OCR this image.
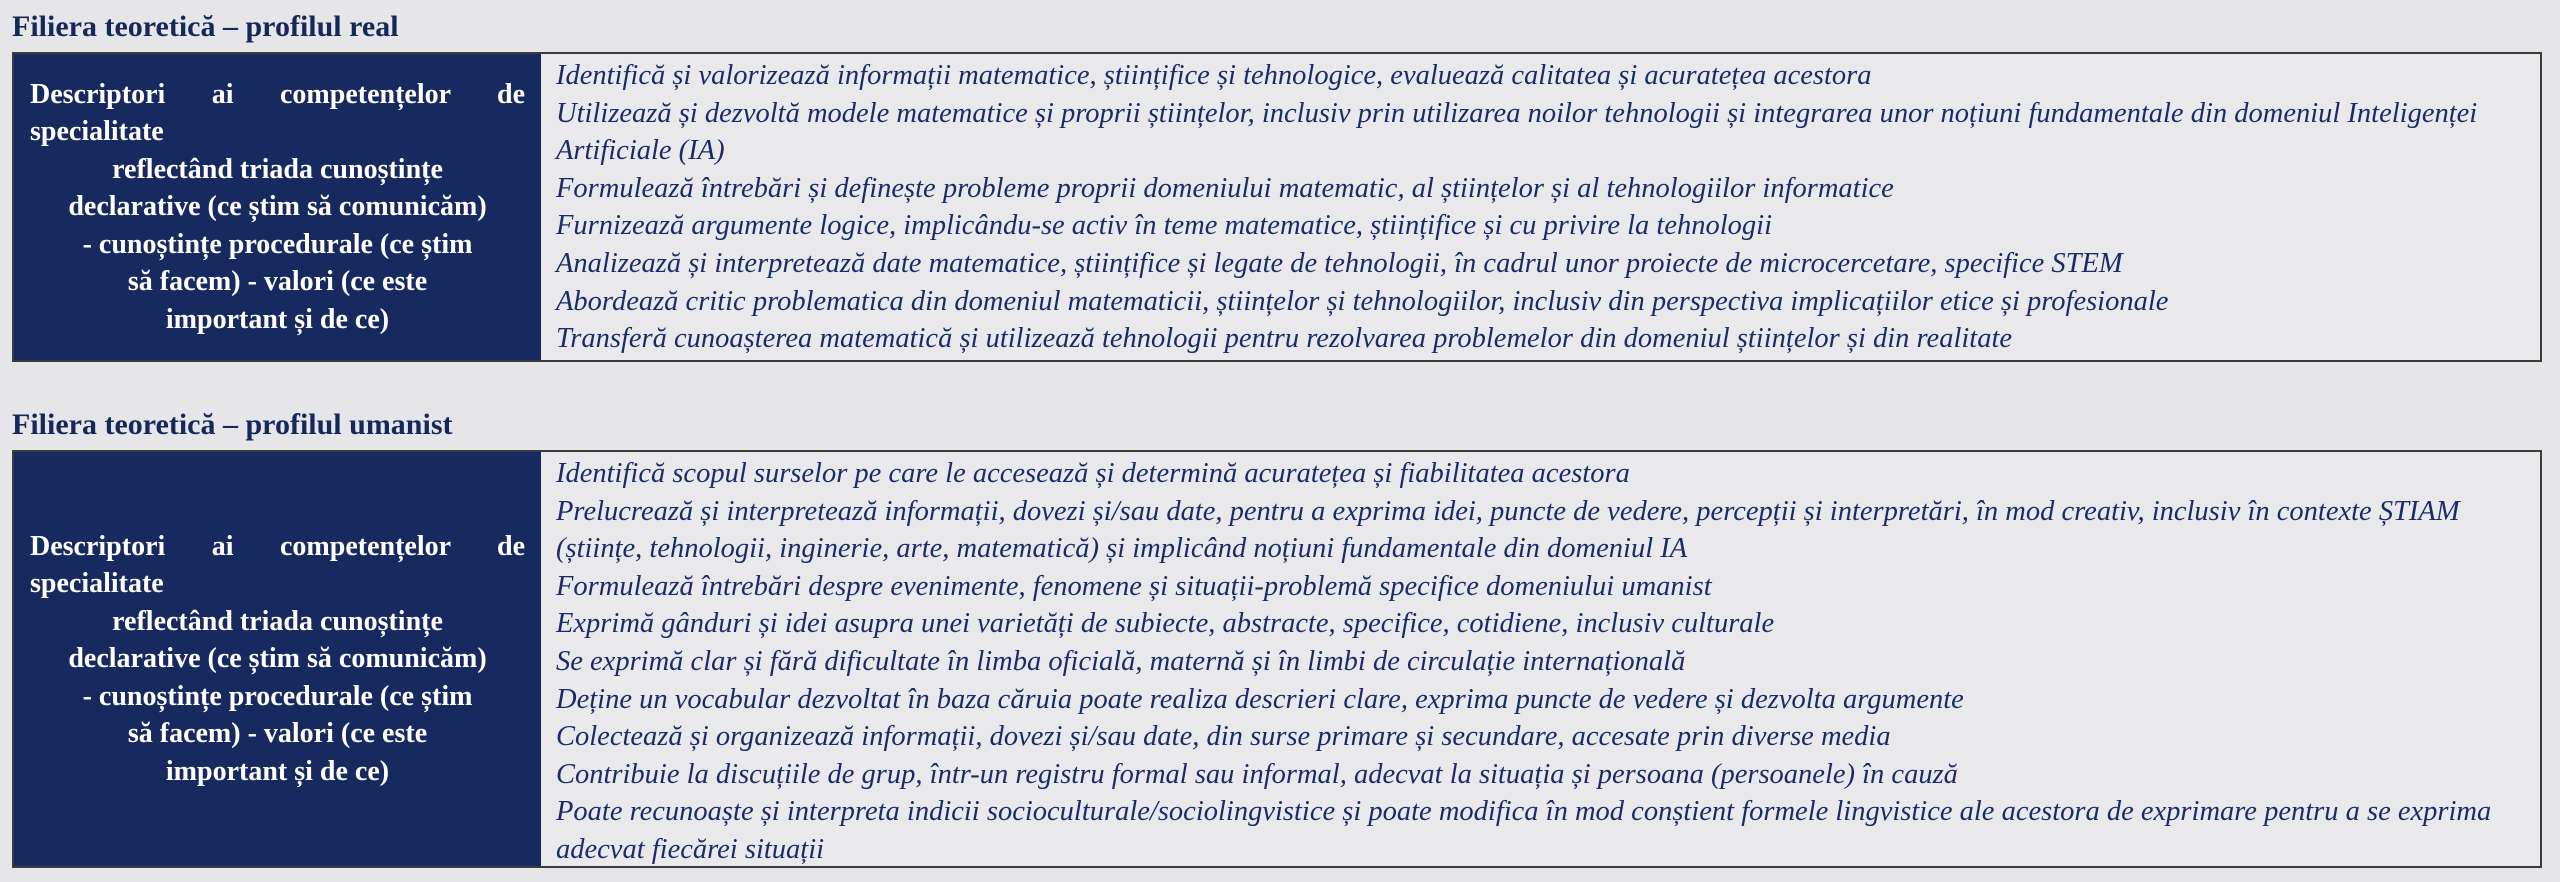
Filiera teoretică – profilul real
Descriptori ai competențelor de
specialitate
reflectând triada cunoștințe
declarative (ce știm să comunicăm)
- cunoștințe procedurale (ce știm
să facem) - valori (ce este
important și de ce)

Identifică și valorizează informații matematice, științifice și tehnologice, evaluează calitatea și acuratețea acestora

Utilizează și dezvoltă modele matematice și proprii științelor, inclusiv prin utilizarea noilor tehnologii și integrarea unor noțiuni fundamentale din domeniul Inteligenței Artificiale (IA)

Formulează întrebări și definește probleme proprii domeniului matematic, al științelor și al tehnologiilor informatice

Furnizează argumente logice, implicându-se activ în teme matematice, științifice și cu privire la tehnologii

Analizează și interpretează date matematice, științifice și legate de tehnologii, în cadrul unor proiecte de microcercetare, specifice STEM

Abordează critic problematica din domeniul matematicii, științelor și tehnologiilor, inclusiv din perspectiva implicațiilor etice și profesionale

Transferă cunoașterea matematică și utilizează tehnologii pentru rezolvarea problemelor din domeniul științelor și din realitate

Filiera teoretică – profilul umanist
Descriptori ai competențelor de
specialitate
reflectând triada cunoștințe
declarative (ce știm să comunicăm)
- cunoștințe procedurale (ce știm
să facem) - valori (ce este
important și de ce)

Identifică scopul surselor pe care le accesează și determină acuratețea și fiabilitatea acestora

Prelucrează și interpretează informații, dovezi și/sau date, pentru a exprima idei, puncte de vedere, percepții și interpretări, în mod creativ, inclusiv în contexte ȘTIAM (științe, tehnologii, inginerie, arte, matematică) și implicând noțiuni fundamentale din domeniul IA

Formulează întrebări despre evenimente, fenomene și situații-problemă specifice domeniului umanist

Exprimă gânduri și idei asupra unei varietăți de subiecte, abstracte, specifice, cotidiene, inclusiv culturale

Se exprimă clar și fără dificultate în limba oficială, maternă și în limbi de circulație internațională

Deține un vocabular dezvoltat în baza căruia poate realiza descrieri clare, exprima puncte de vedere și dezvolta argumente

Colectează și organizează informații, dovezi și/sau date, din surse primare și secundare, accesate prin diverse media

Contribuie la discuțiile de grup, într-un registru formal sau informal, adecvat la situația și persoana (persoanele) în cauză

Poate recunoaște și interpreta indicii socioculturale/sociolingvistice și poate modifica în mod conștient formele lingvistice ale acestora de exprimare pentru a se exprima adecvat fiecărei situații
